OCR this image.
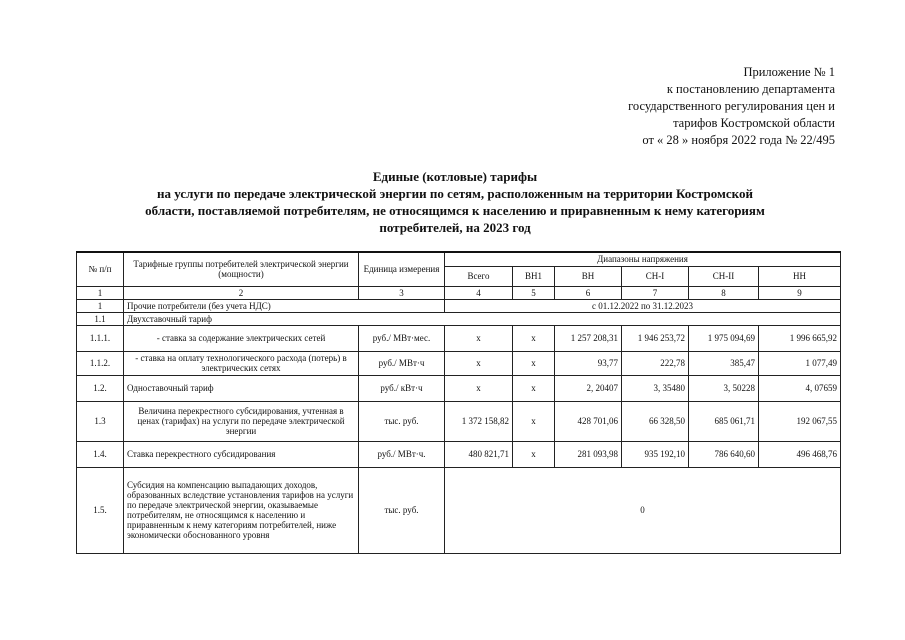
Приложение № 1
к постановлению департамента
государственного регулирования цен и
тарифов Костромской области
от « 28 » ноября 2022 года № 22/495
Единые (котловые) тарифы
на услуги по передаче электрической энергии по сетям, расположенным на территории Костромской
области, поставляемой потребителям, не относящимся к населению и приравненным к нему категориям
потребителей, на 2023 год
№ п/п	Тарифные группы потребителей электрической энергии (мощности)	Единица измерения	Диапазоны напряжения					
			Всего	ВН1	ВН	СН-I	СН-II	НН
1	2	3	4	5	6	7	8	9
1	Прочие потребители (без учета НДС)		с 01.12.2022 по 31.12.2023					
1.1	Двухставочный тариф							
1.1.1.	- ставка за содержание электрических сетей	руб./ МВт·мес.	x	x	1 257 208,31	1 946 253,72	1 975 094,69	1 996 665,92
1.1.2.	- ставка на оплату технологического расхода (потерь) в электрических сетях	руб./ МВт·ч	x	x	93,77	222,78	385,47	1 077,49
1.2.	Одноставочный тариф	руб./ кВт·ч	x	x	2, 20407	3, 35480	3, 50228	4, 07659
1.3	Величина перекрестного субсидирования, учтенная в ценах (тарифах) на услуги по передаче электрической энергии	тыс. руб.	1 372 158,82	x	428 701,06	66 328,50	685 061,71	192 067,55
1.4.	Ставка перекрестного субсидирования	руб./ МВт·ч.	480 821,71	x	281 093,98	935 192,10	786 640,60	496 468,76
1.5.	Субсидия на компенсацию выпадающих доходов, образованных вследствие установления тарифов на услуги по передаче электрической энергии, оказываемые потребителям, не относящимся к населению и приравненным к нему категориям потребителей, ниже экономически обоснованного уровня	тыс. руб.	0					
